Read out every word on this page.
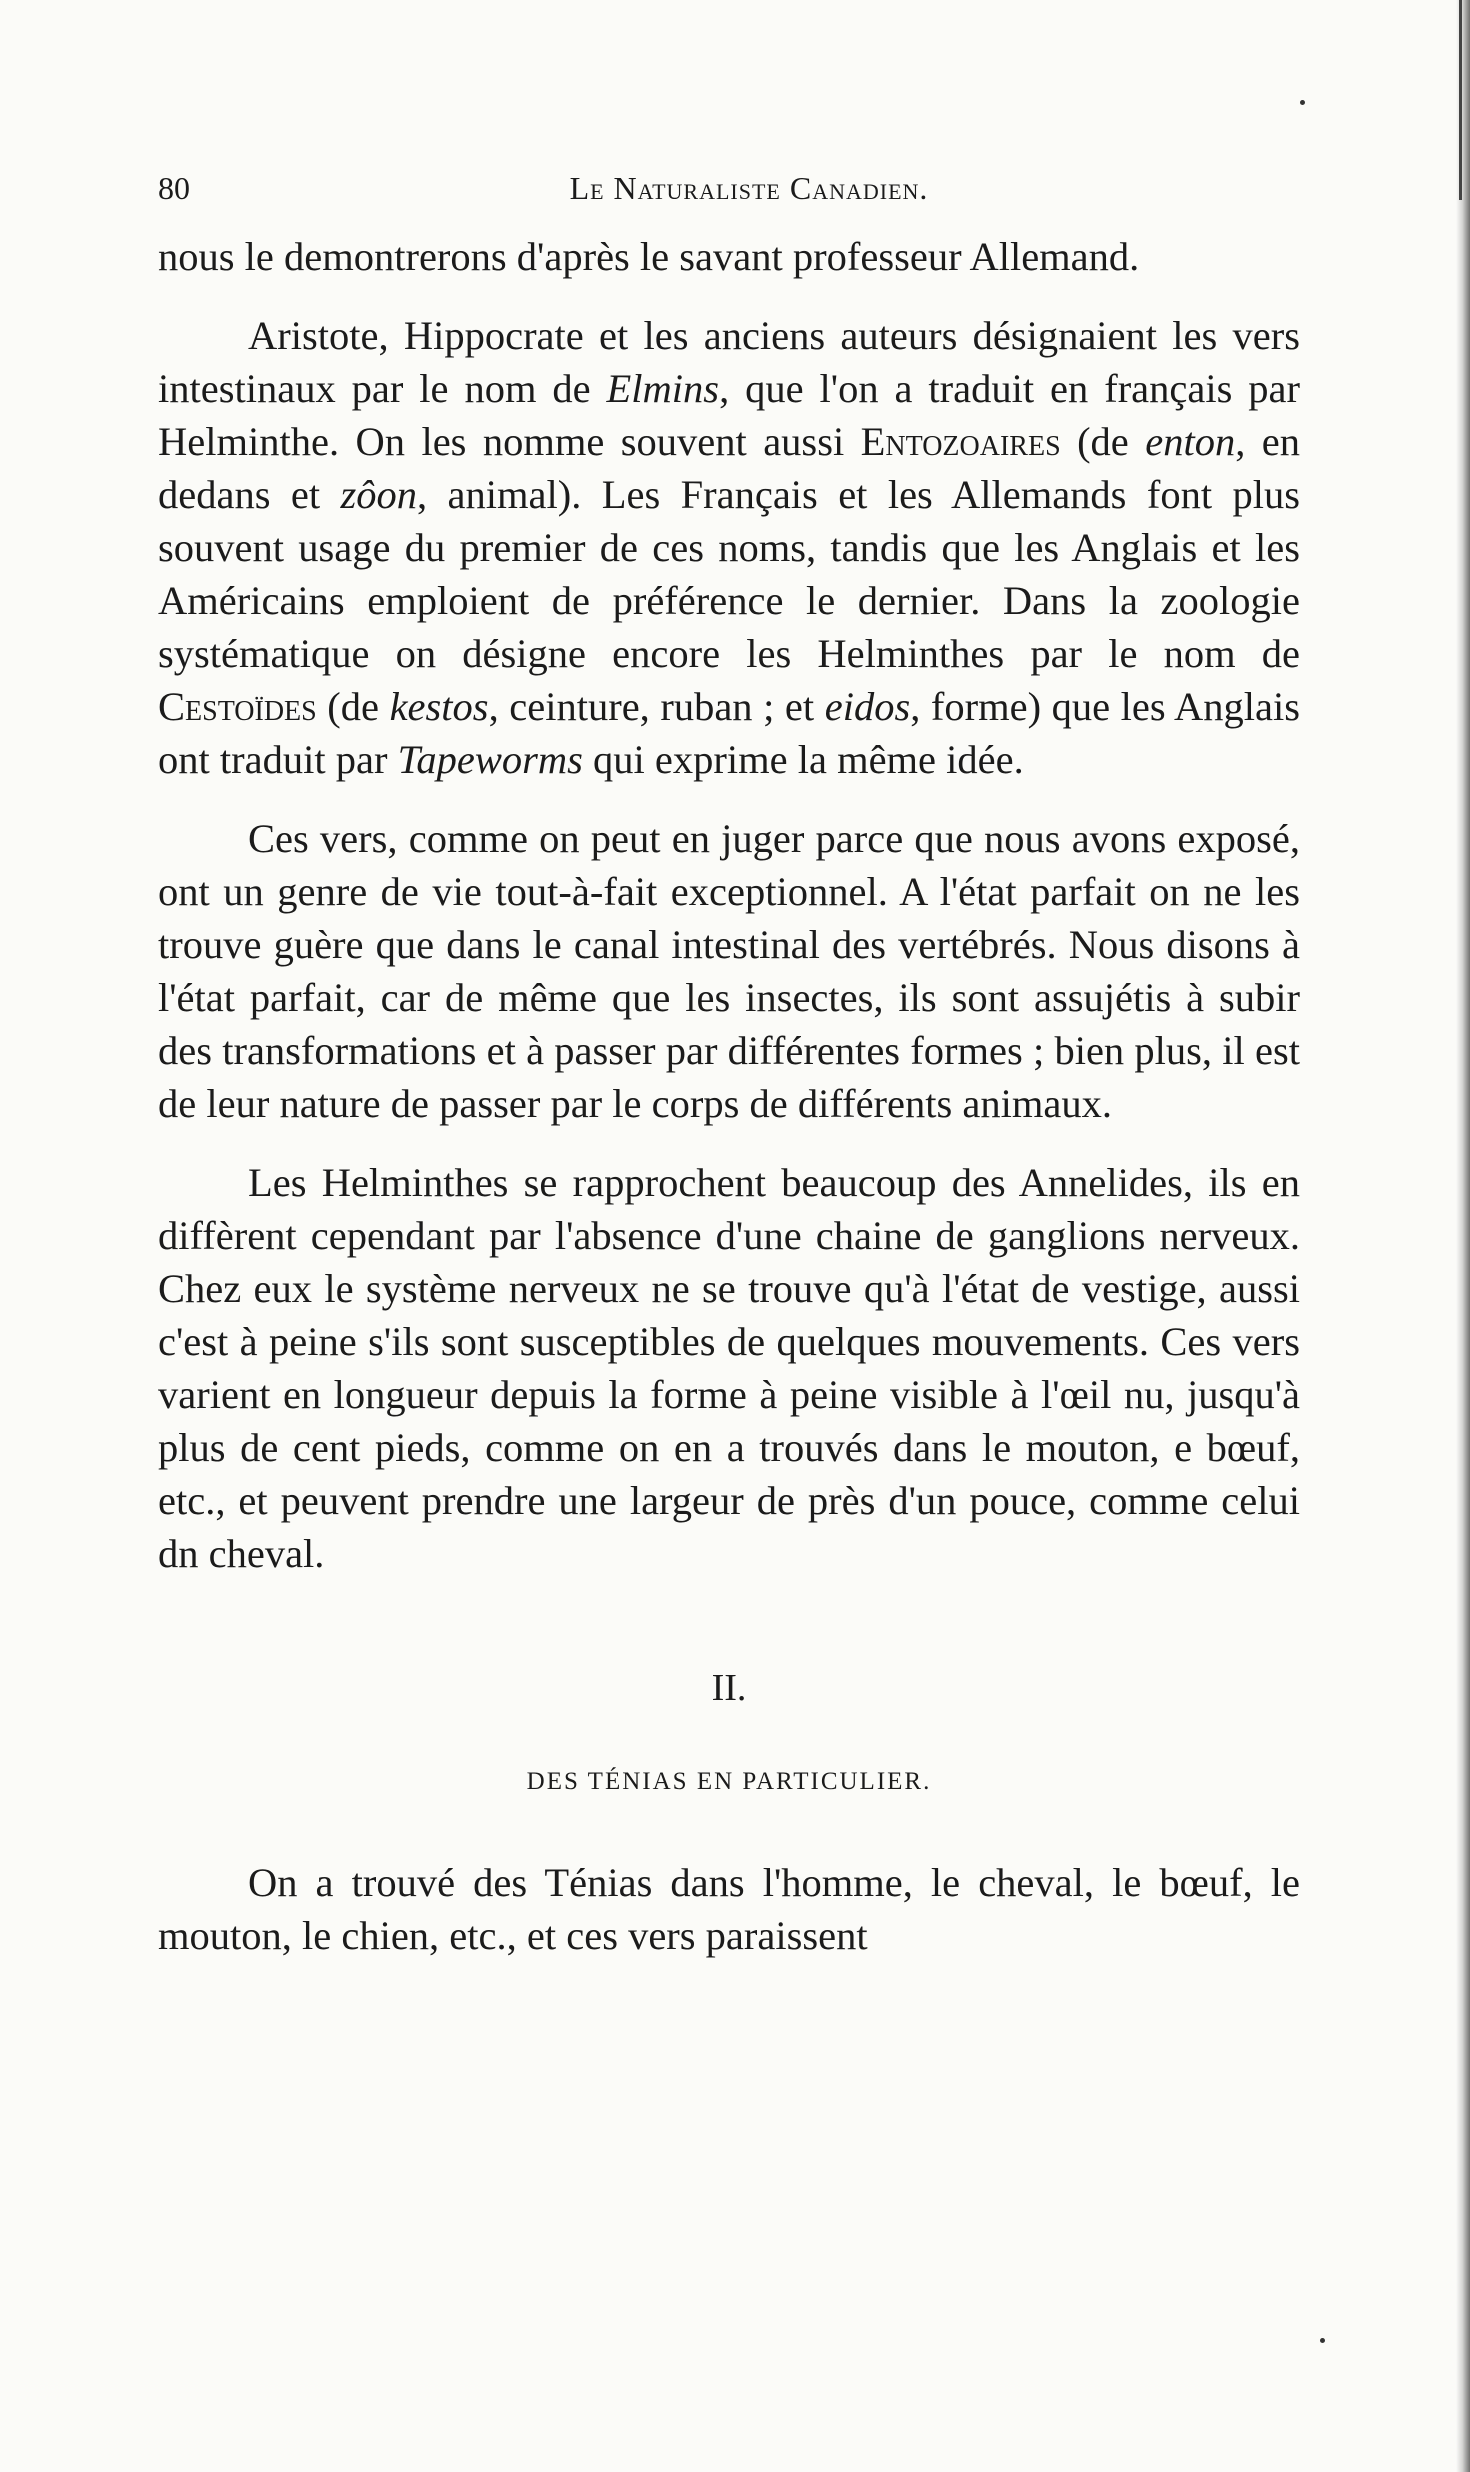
80	Le Naturaliste Canadien.

nous le demontrerons d'après le savant professeur Allemand.

Aristote, Hippocrate et les anciens auteurs désignaient les vers intestinaux par le nom de Elmins, que l'on a traduit en français par Helminthe. On les nomme souvent aussi Entozoaires (de enton, en dedans et zôon, animal). Les Français et les Allemands font plus souvent usage du premier de ces noms, tandis que les Anglais et les Américains emploient de préférence le dernier. Dans la zoologie systématique on désigne encore les Helminthes par le nom de Cestoïdes (de kestos, ceinture, ruban ; et eidos, forme) que les Anglais ont traduit par Tapeworms qui exprime la même idée.

Ces vers, comme on peut en juger parce que nous avons exposé, ont un genre de vie tout-à-fait exceptionnel. A l'état parfait on ne les trouve guère que dans le canal intestinal des vertébrés. Nous disons à l'état parfait, car de même que les insectes, ils sont assujétis à subir des transformations et à passer par différentes formes ; bien plus, il est de leur nature de passer par le corps de différents animaux.

Les Helminthes se rapprochent beaucoup des Annelides, ils en diffèrent cependant par l'absence d'une chaine de ganglions nerveux. Chez eux le système nerveux ne se trouve qu'à l'état de vestige, aussi c'est à peine s'ils sont susceptibles de quelques mouvements. Ces vers varient en longueur depuis la forme à peine visible à l'œil nu, jusqu'à plus de cent pieds, comme on en a trouvés dans le mouton, e bœuf, etc., et peuvent prendre une largeur de près d'un pouce, comme celui dn cheval.

II.
DES TÉNIAS EN PARTICULIER.

On a trouvé des Ténias dans l'homme, le cheval, le bœuf, le mouton, le chien, etc., et ces vers paraissent
